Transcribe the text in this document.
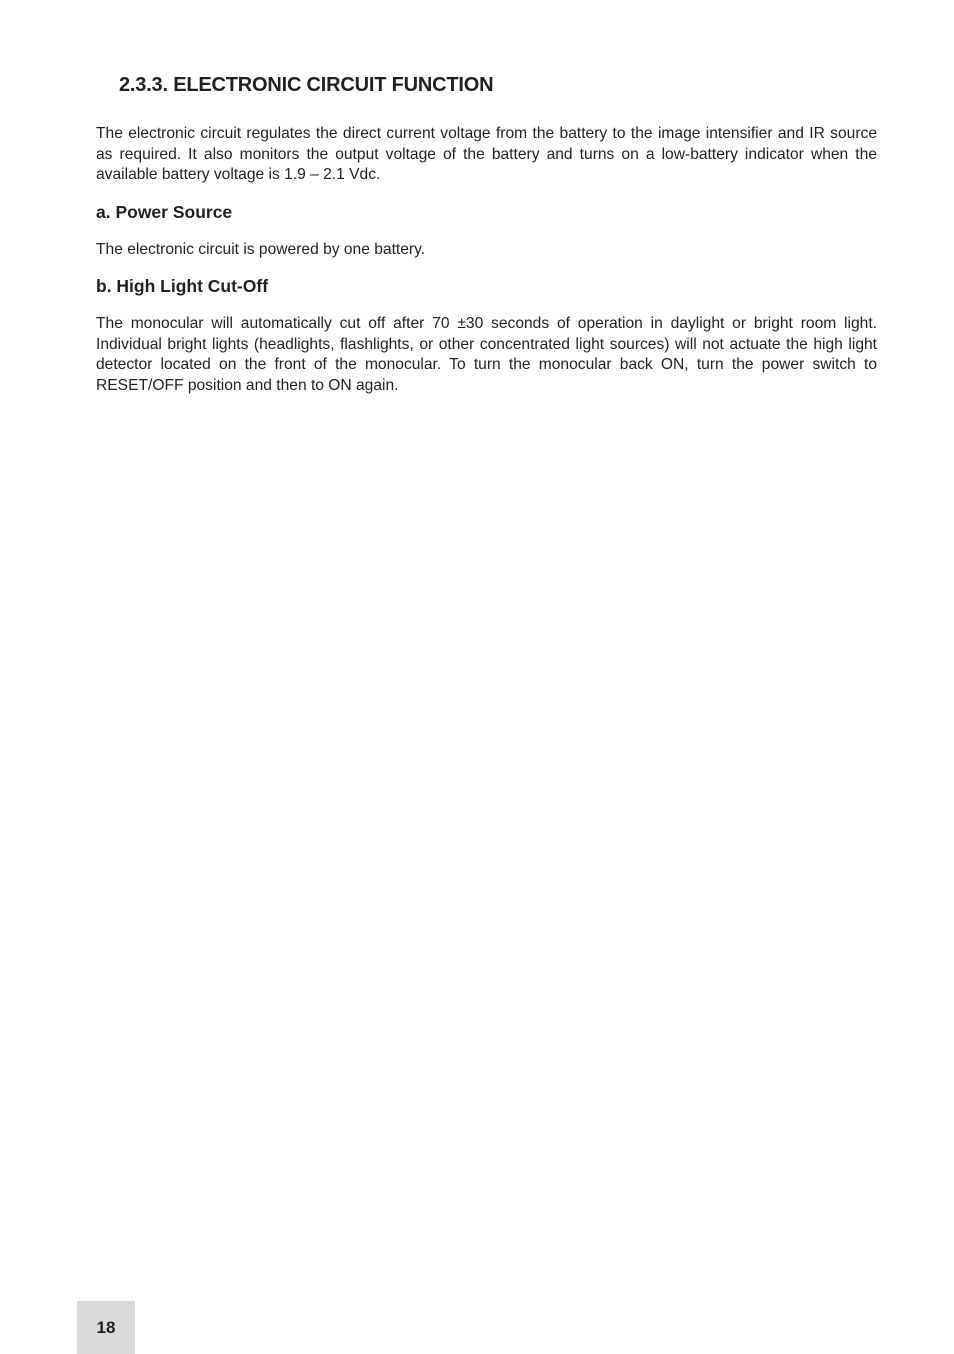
2.3.3. ELECTRONIC CIRCUIT FUNCTION

The electronic circuit regulates the direct current voltage from the battery to the image intensifier and IR source as required. It also monitors the output voltage of the battery and turns on a low-battery indicator when the available battery voltage is 1.9 – 2.1 Vdc.

a. Power Source

The electronic circuit is powered by one battery.

b. High Light Cut-Off

The monocular will automatically cut off after 70 ±30 seconds of operation in daylight or bright room light. Individual bright lights (headlights, flashlights, or other concentrated light sources) will not actuate the high light detector located on the front of the monocular. To turn the monocular back ON, turn the power switch to RESET/OFF position and then to ON again.

18
